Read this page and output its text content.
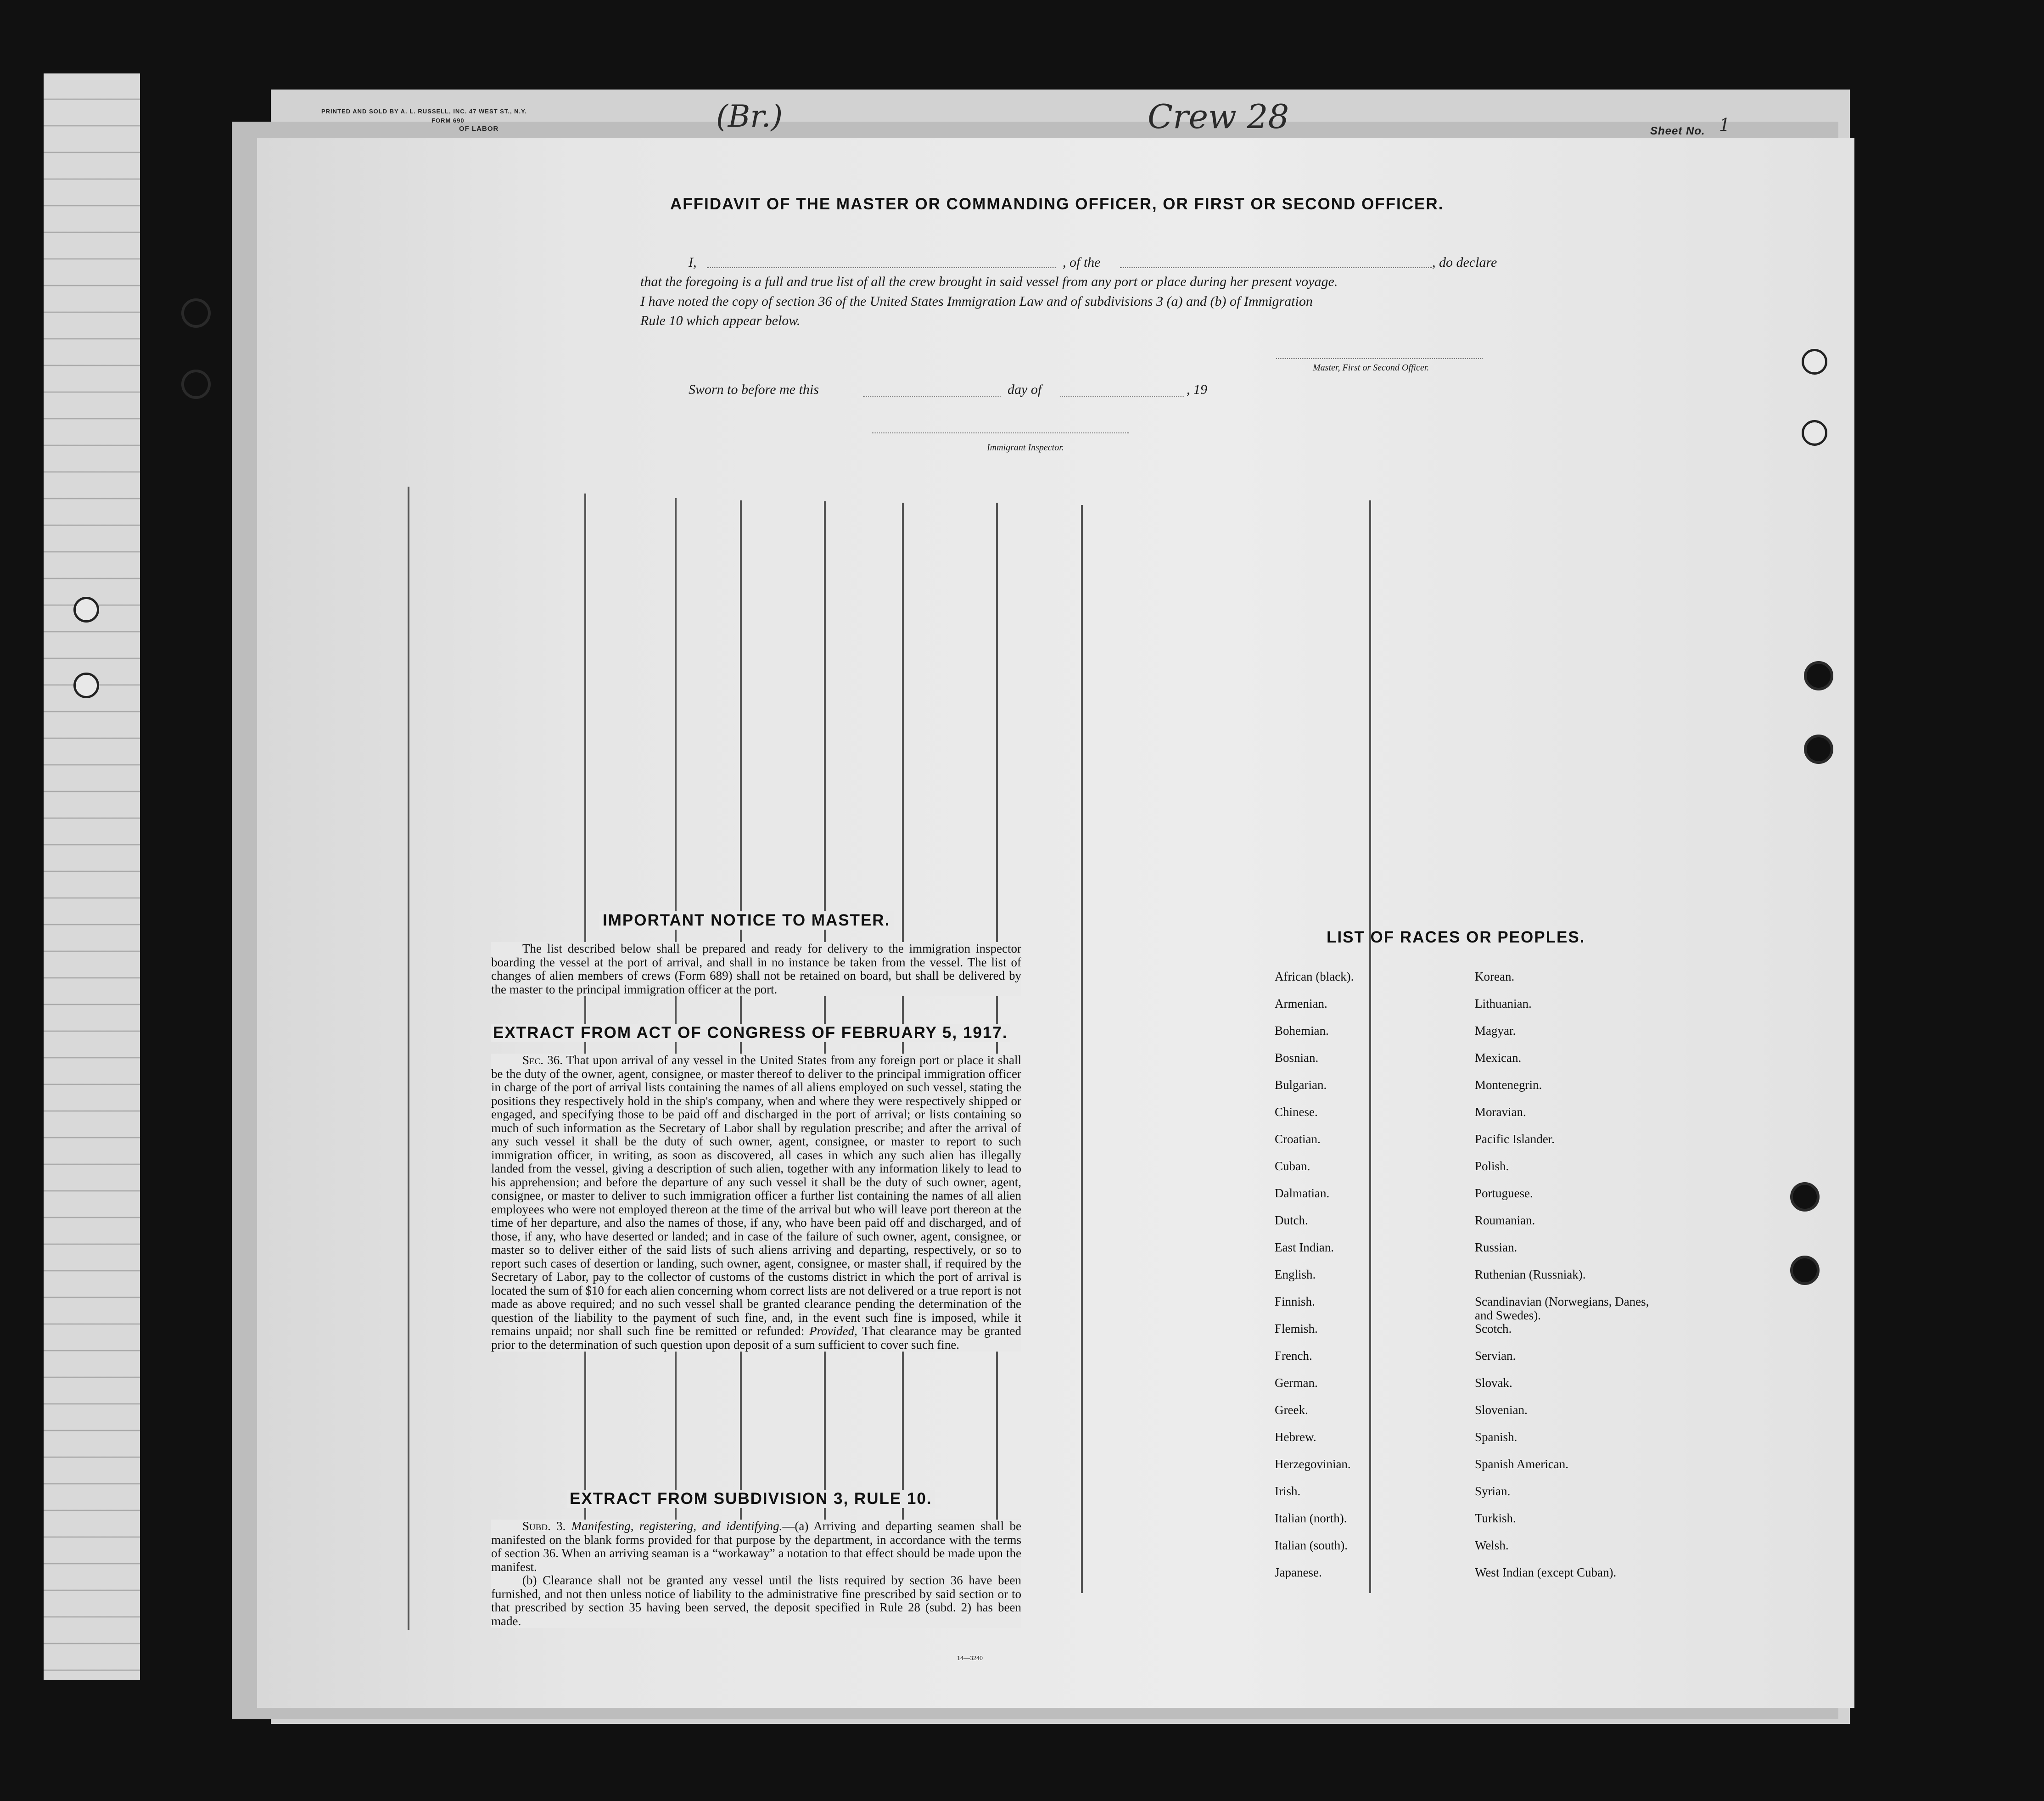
PRINTED AND SOLD BY A. L. RUSSELL, INC. 47 WEST ST., N.Y.
FORM 690
OF LABOR	(Br.)	Crew 28	Sheet No. 1
AFFIDAVIT OF THE MASTER OR COMMANDING OFFICER, OR FIRST OR SECOND OFFICER.
I,	, of the	, do declare
that the foregoing is a full and true list of all the crew brought in said vessel from any port or place during her present voyage.
I have noted the copy of section 36 of the United States Immigration Law and of subdivisions 3 (a) and (b) of Immigration
Rule 10 which appear below.
Master, First or Second Officer.
Sworn to before me this	day of	, 19
Immigrant Inspector.
IMPORTANT NOTICE TO MASTER.

The list described below shall be prepared and ready for delivery to the immigration inspector boarding the vessel at the port of arrival, and shall in no instance be taken from the vessel. The list of changes of alien members of crews (Form 689) shall not be retained on board, but shall be delivered by the master to the principal immigration officer at the port.

EXTRACT FROM ACT OF CONGRESS OF FEBRUARY 5, 1917.

Sec. 36. That upon arrival of any vessel in the United States from any foreign port or place it shall be the duty of the owner, agent, consignee, or master thereof to deliver to the principal immigration officer in charge of the port of arrival lists containing the names of all aliens employed on such vessel, stating the positions they respectively hold in the ship's company, when and where they were respectively shipped or engaged, and specifying those to be paid off and discharged in the port of arrival; or lists containing so much of such information as the Secretary of Labor shall by regulation prescribe; and after the arrival of any such vessel it shall be the duty of such owner, agent, consignee, or master to report to such immigration officer, in writing, as soon as discovered, all cases in which any such alien has illegally landed from the vessel, giving a description of such alien, together with any information likely to lead to his apprehension; and before the departure of any such vessel it shall be the duty of such owner, agent, consignee, or master to deliver to such immigration officer a further list containing the names of all alien employees who were not employed thereon at the time of the arrival but who will leave port thereon at the time of her departure, and also the names of those, if any, who have been paid off and discharged, and of those, if any, who have deserted or landed; and in case of the failure of such owner, agent, consignee, or master so to deliver either of the said lists of such aliens arriving and departing, respectively, or so to report such cases of desertion or landing, such owner, agent, consignee, or master shall, if required by the Secretary of Labor, pay to the collector of customs of the customs district in which the port of arrival is located the sum of $10 for each alien concerning whom correct lists are not delivered or a true report is not made as above required; and no such vessel shall be granted clearance pending the determination of the question of the liability to the payment of such fine, and, in the event such fine is imposed, while it remains unpaid; nor shall such fine be remitted or refunded: Provided, That clearance may be granted prior to the determination of such question upon deposit of a sum sufficient to cover such fine.

EXTRACT FROM SUBDIVISION 3, RULE 10.

Subd. 3. Manifesting, registering, and identifying.—(a) Arriving and departing seamen shall be manifested on the blank forms provided for that purpose by the department, in accordance with the terms of section 36. When an arriving seaman is a “workaway” a notation to that effect should be made upon the manifest.

(b) Clearance shall not be granted any vessel until the lists required by section 36 have been furnished, and not then unless notice of liability to the administrative fine prescribed by said section or to that prescribed by section 35 having been served, the deposit specified in Rule 28 (subd. 2) has been made.

14—3240
LIST OF RACES OR PEOPLES.
African (black).
Armenian.
Bohemian.
Bosnian.
Bulgarian.
Chinese.
Croatian.
Cuban.
Dalmatian.
Dutch.
East Indian.
English.
Finnish.
Flemish.
French.
German.
Greek.
Hebrew.
Herzegovinian.
Irish.
Italian (north).
Italian (south).
Japanese.
Korean.
Lithuanian.
Magyar.
Mexican.
Montenegrin.
Moravian.
Pacific Islander.
Polish.
Portuguese.
Roumanian.
Russian.
Ruthenian (Russniak).
Scandinavian (Norwegians, Danes, and Swedes).
Scotch.
Servian.
Slovak.
Slovenian.
Spanish.
Spanish American.
Syrian.
Turkish.
Welsh.
West Indian (except Cuban).
